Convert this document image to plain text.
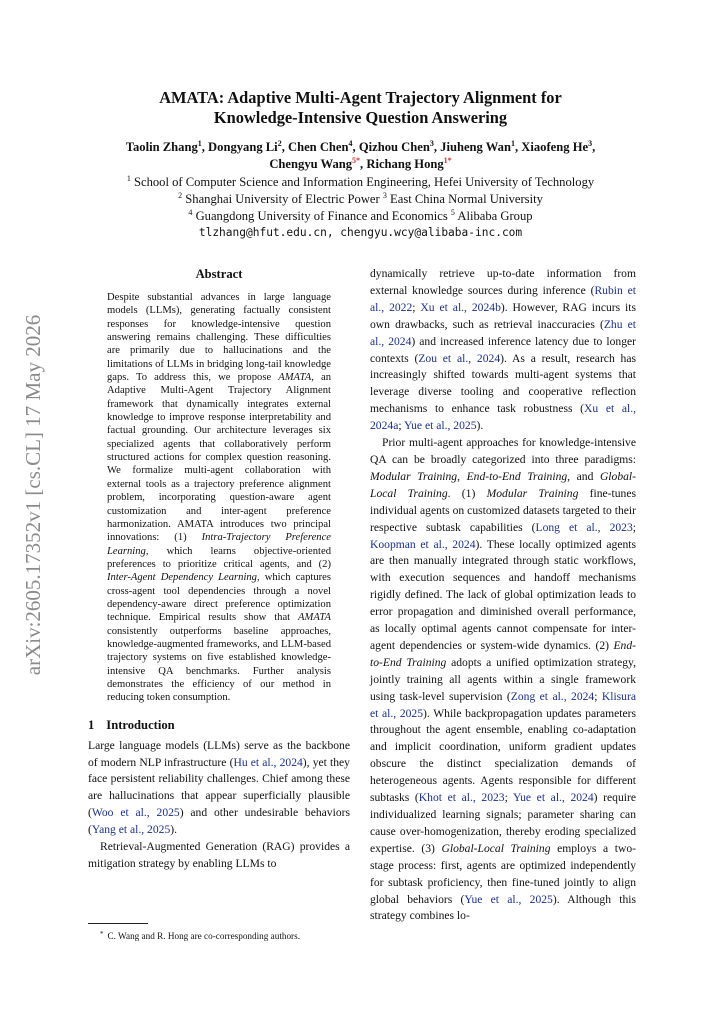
arXiv:2605.17352v1 [cs.CL] 17 May 2026

AMATA: Adaptive Multi-Agent Trajectory Alignment for
Knowledge-Intensive Question Answering

Taolin Zhang$^1$, Dongyang Li$^2$, Chen Chen$^4$, Qizhou Chen$^3$, Jiuheng Wan$^1$, Xiaofeng He$^3$,
Chengyu Wang$^{5*}$, Richang Hong$^{1*}$

$^1$ School of Computer Science and Information Engineering, Hefei University of Technology

$^2$ Shanghai University of Electric Power $^3$ East China Normal University

$^4$ Guangdong University of Finance and Economics $^5$ Alibaba Group

tlzhang@hfut.edu.cn, chengyu.wcy@alibaba-inc.com

Abstract

Despite substantial advances in large language models (LLMs), generating factually consistent responses for knowledge-intensive question answering remains challenging. These difficulties are primarily due to hallucinations and the limitations of LLMs in bridging long-tail knowledge gaps. To address this, we propose AMATA, an Adaptive Multi-Agent Trajectory Alignment framework that dynamically integrates external knowledge to improve response interpretability and factual grounding. Our architecture leverages six specialized agents that collaboratively perform structured actions for complex question reasoning. We formalize multi-agent collaboration with external tools as a trajectory preference alignment problem, incorporating question-aware agent customization and inter-agent preference harmonization. AMATA introduces two principal innovations: (1) Intra-Trajectory Preference Learning, which learns objective-oriented preferences to prioritize critical agents, and (2) Inter-Agent Dependency Learning, which captures cross-agent tool dependencies through a novel dependency-aware direct preference optimization technique. Empirical results show that AMATA consistently outperforms baseline approaches, knowledge-augmented frameworks, and LLM-based trajectory systems on five established knowledge-intensive QA benchmarks. Further analysis demonstrates the efficiency of our method in reducing token consumption.

1 Introduction

Large language models (LLMs) serve as the backbone of modern NLP infrastructure (Hu et al., 2024), yet they face persistent reliability challenges. Chief among these are hallucinations that appear superficially plausible (Woo et al., 2025) and other undesirable behaviors (Yang et al., 2025).

Retrieval-Augmented Generation (RAG) provides a mitigation strategy by enabling LLMs to

* C. Wang and R. Hong are co-corresponding authors.

dynamically retrieve up-to-date information from external knowledge sources during inference (Rubin et al., 2022; Xu et al., 2024b). However, RAG incurs its own drawbacks, such as retrieval inaccuracies (Zhu et al., 2024) and increased inference latency due to longer contexts (Zou et al., 2024). As a result, research has increasingly shifted towards multi-agent systems that leverage diverse tooling and cooperative reflection mechanisms to enhance task robustness (Xu et al., 2024a; Yue et al., 2025).

Prior multi-agent approaches for knowledge-intensive QA can be broadly categorized into three paradigms: Modular Training, End-to-End Training, and Global-Local Training. (1) Modular Training fine-tunes individual agents on customized datasets targeted to their respective subtask capabilities (Long et al., 2023; Koopman et al., 2024). These locally optimized agents are then manually integrated through static workflows, with execution sequences and handoff mechanisms rigidly defined. The lack of global optimization leads to error propagation and diminished overall performance, as locally optimal agents cannot compensate for inter-agent dependencies or system-wide dynamics. (2) End-to-End Training adopts a unified optimization strategy, jointly training all agents within a single framework using task-level supervision (Zong et al., 2024; Klisura et al., 2025). While backpropagation updates parameters throughout the agent ensemble, enabling co-adaptation and implicit coordination, uniform gradient updates obscure the distinct specialization demands of heterogeneous agents. Agents responsible for different subtasks (Khot et al., 2023; Yue et al., 2024) require individualized learning signals; parameter sharing can cause over-homogenization, thereby eroding specialized expertise. (3) Global-Local Training employs a two-stage process: first, agents are optimized independently for subtask proficiency, then fine-tuned jointly to align global behaviors (Yue et al., 2025). Although this strategy combines lo-
